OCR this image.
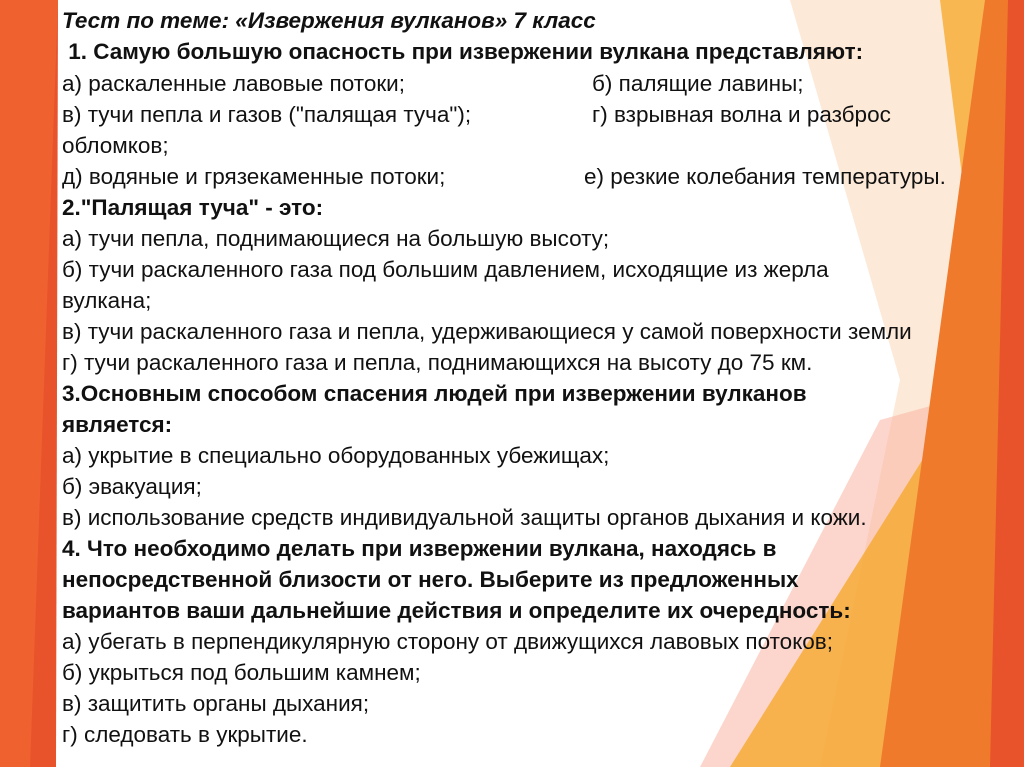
Тест по теме: «Извержения вулканов» 7 класс
1. Самую большую опасность при извержении вулкана представляют:
а) раскаленные лавовые потоки;	б) палящие лавины;
в) тучи пепла и газов ("палящая туча");	г) взрывная волна и разброс
обломков;
д) водяные и грязекаменные потоки;	е) резкие колебания температуры.
2."Палящая туча" - это:
а) тучи пепла, поднимающиеся на большую высоту;
б) тучи раскаленного газа под большим давлением, исходящие из жерла
вулкана;
в) тучи раскаленного газа и пепла, удерживающиеся у самой поверхности земли
г) тучи раскаленного газа и пепла, поднимающихся на высоту до 75 км.
3.Основным способом спасения людей при извержении вулканов
является:
а) укрытие в специально оборудованных убежищах;
б) эвакуация;
в) использование средств индивидуальной защиты органов дыхания и кожи.
4. Что необходимо делать при извержении вулкана, находясь в
непосредственной близости от него. Выберите из предложенных
вариантов ваши дальнейшие действия и определите их очередность:
а) убегать в перпендикулярную сторону от движущихся лавовых потоков;
б) укрыться под большим камнем;
в) защитить органы дыхания;
г) следовать в укрытие.
